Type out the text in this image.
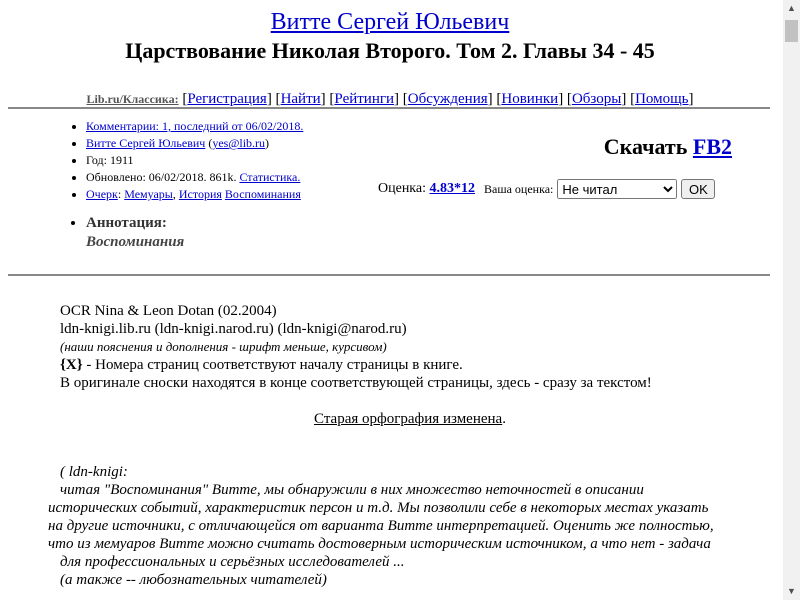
Витте Сергей Юльевич
Царствование Николая Второго. Том 2. Главы 34 - 45
Lib.ru/Классика: [Регистрация] [Найти] [Рейтинги] [Обсуждения] [Новинки] [Обзоры] [Помощь]
• Комментарии: 1, последний от 06/02/2018.
• Витте Сергей Юльевич (yes@lib.ru)
• Год: 1911
• Обновлено: 06/02/2018. 861k. Статистика.
• Очерк: Мемуары, История Воспоминания
• Аннотация:
Воспоминания
Скачать FB2
Оценка:
4.83*12 Ваша оценка:
Не читал	OK
OCR Nina & Leon Dotan (02.2004)
ldn-knigi.lib.ru (ldn-knigi.narod.ru) (ldn-knigi@narod.ru)
(наши пояснения и дополнения - шрифт меньше, курсивом)
{X} - Номера страниц соответствуют началу страницы в книге.
В оригинале сноски находятся в конце соответствующей страницы, здесь - сразу за текстом!
Старая орфография изменена.
( ldn-knigi:
читая "Воспоминания" Витте, мы обнаружили в них множество неточностей в описании
исторических событий, характеристик персон и т.д. Мы позволили себе в некоторых местах указать
на другие источники, с отличающейся от варианта Витте интерпретацией. Оценить же полностью,
что из мемуаров Витте можно считать достоверным историческим источником, а что нет - задача
для профессиональных и серьёзных исследователей ...
(а также -- любознательных читателей)
▲
▼
